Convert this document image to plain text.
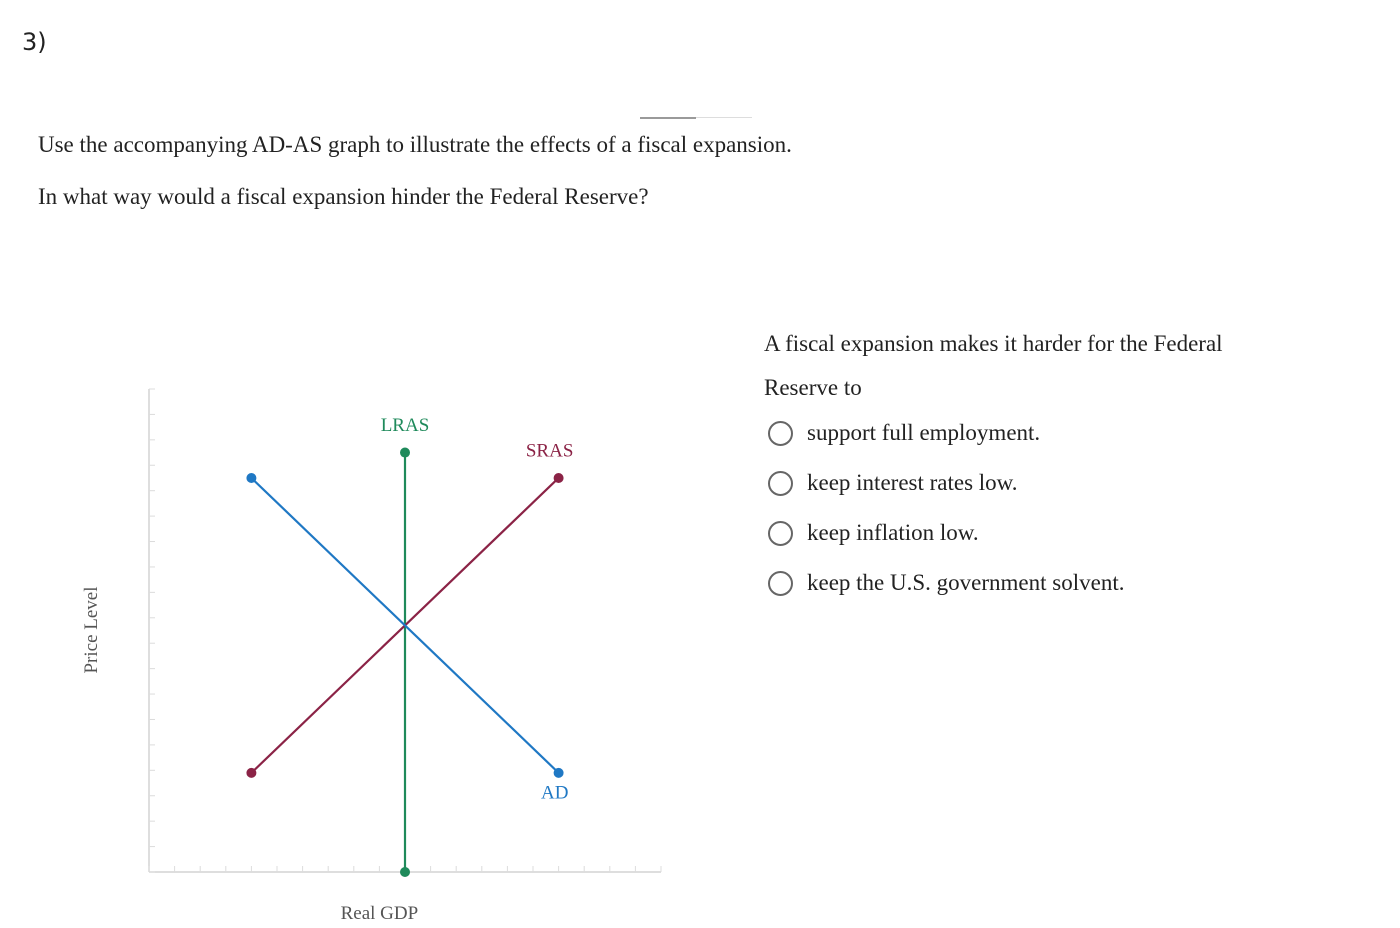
3)
Use the accompanying AD-AS graph to illustrate the effects of a fiscal expansion.
In what way would a fiscal expansion hinder the Federal Reserve?
Real GDP
Price Level
LRAS
SRAS
AD
A fiscal expansion makes it harder for the Federal
Reserve to
support full employment.
keep interest rates low.
keep inflation low.
keep the U.S. government solvent.
